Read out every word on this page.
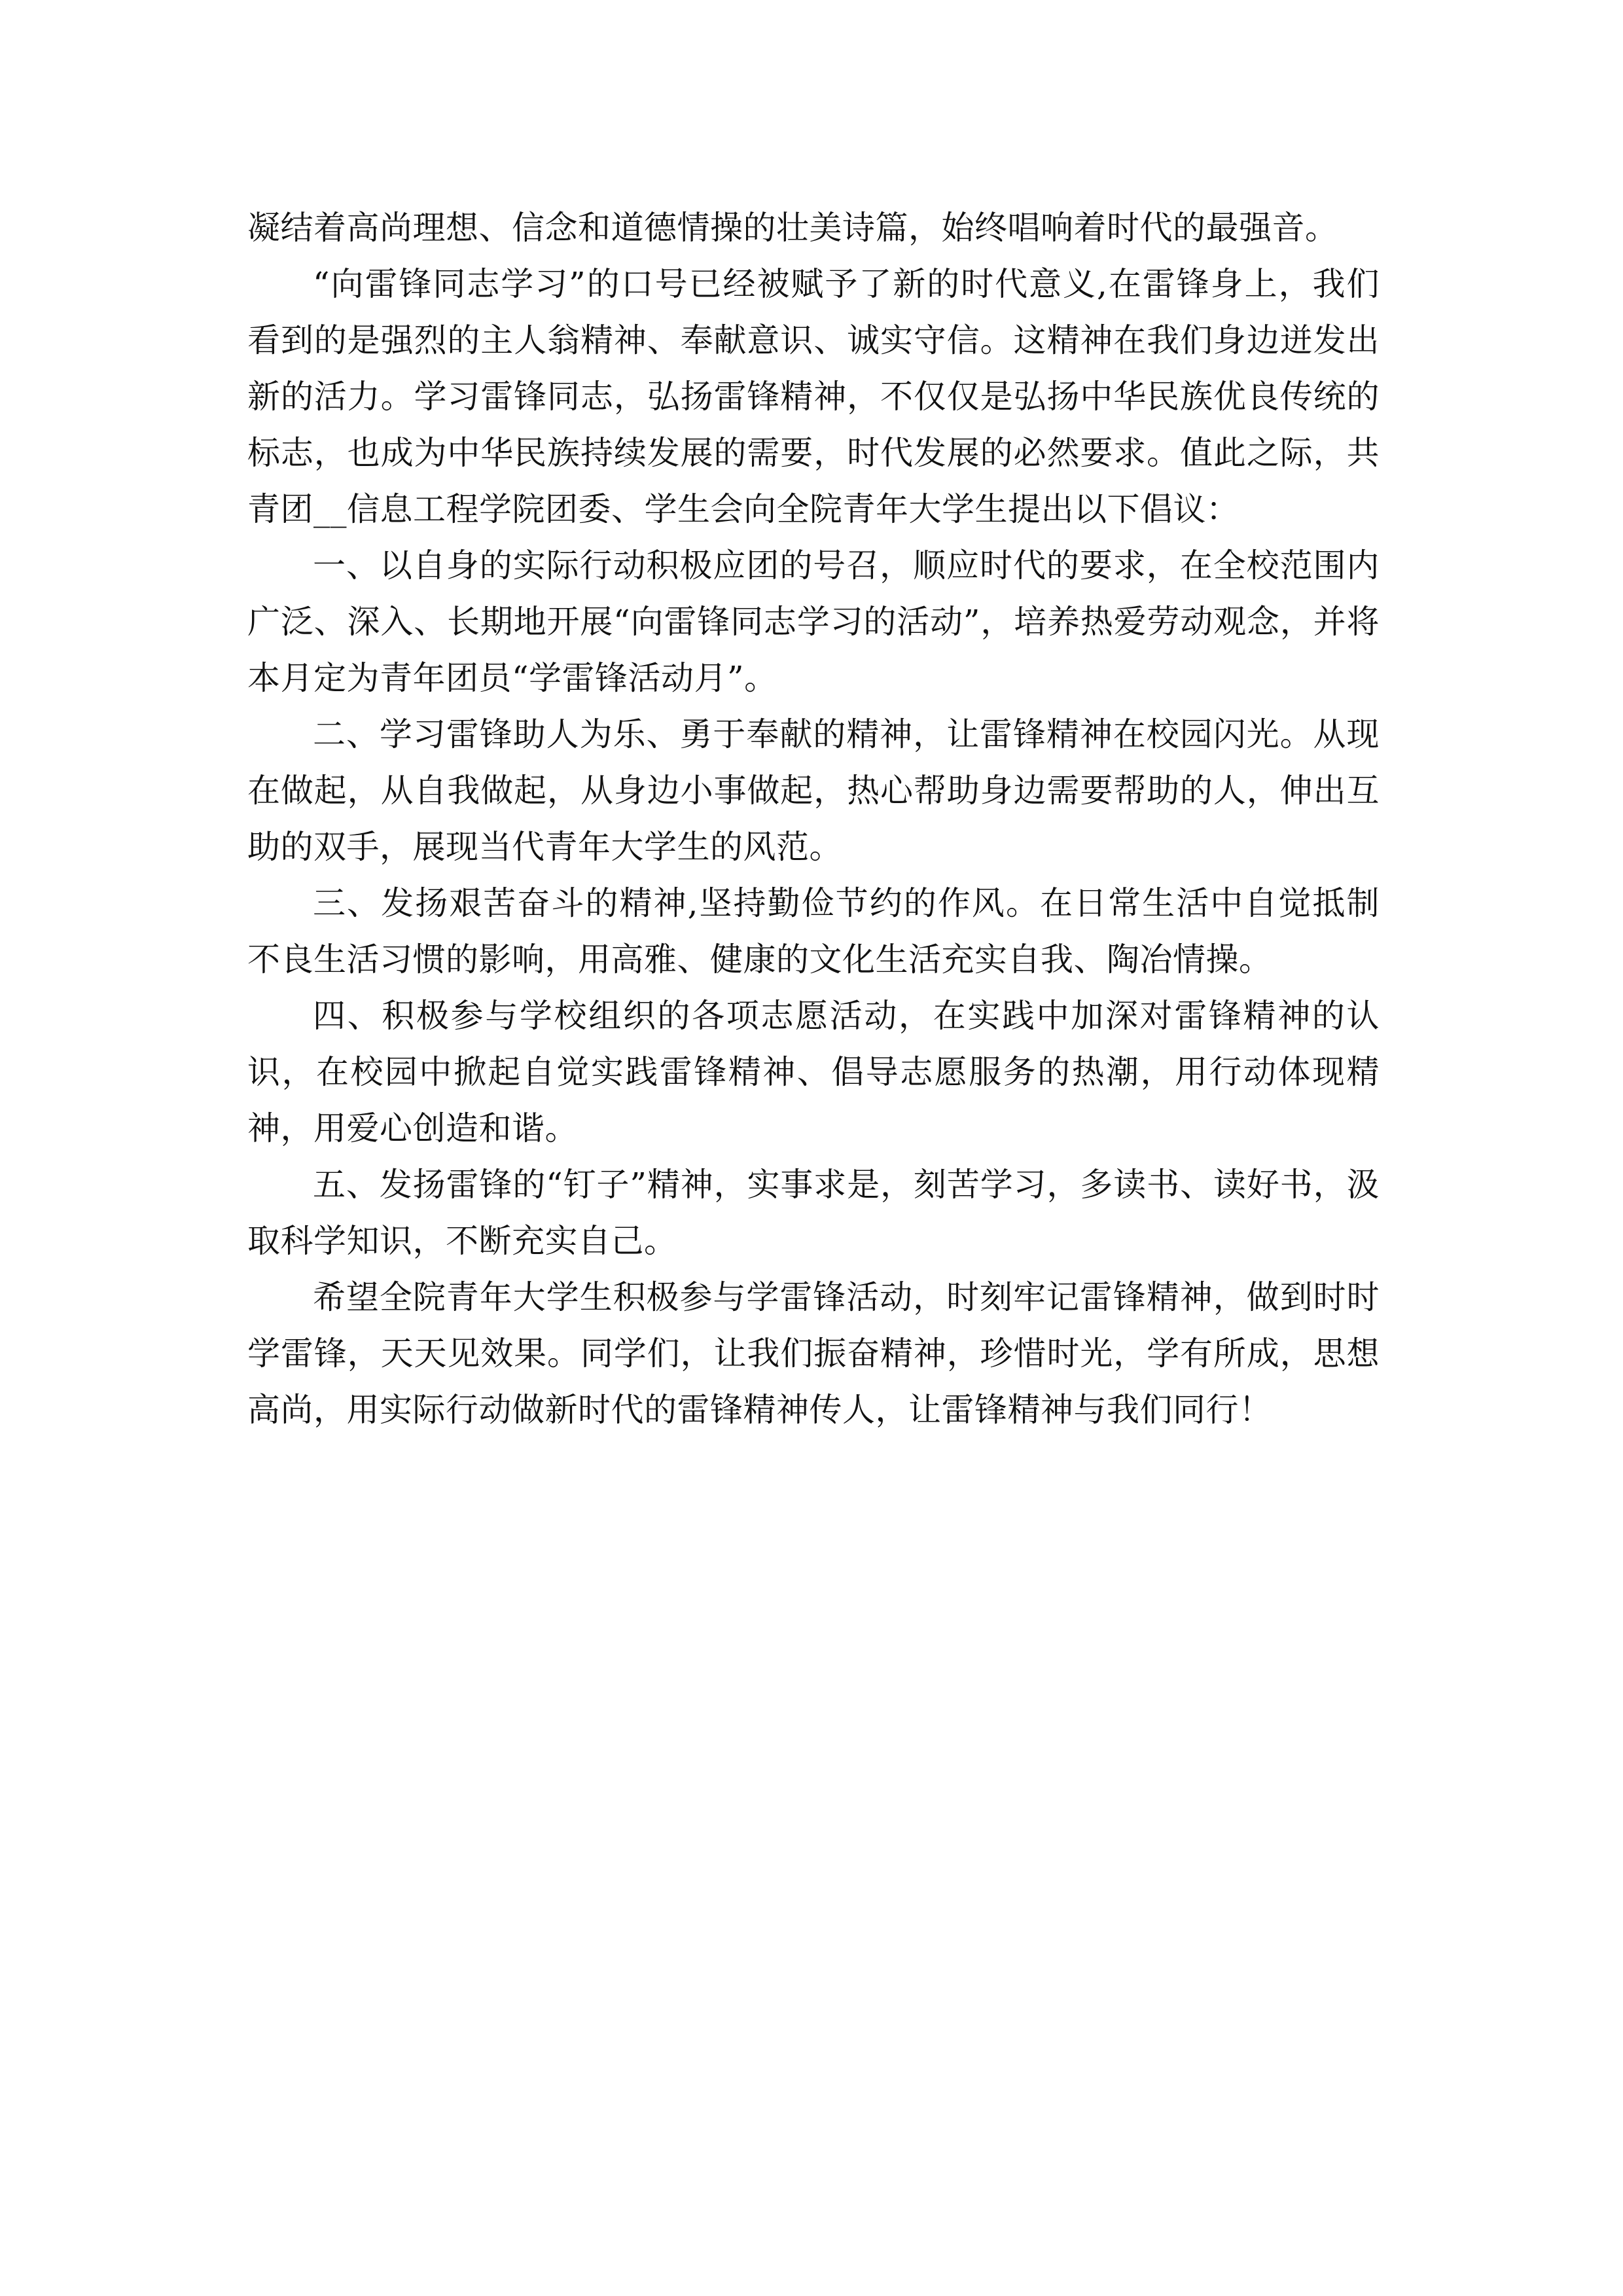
凝结着高尚理想、信念和道德情操的壮美诗篇，始终唱响着时代的最强音。

“向雷锋同志学习”的口号已经被赋予了新的时代意义,在雷锋身上，我们看到的是强烈的主人翁精神、奉献意识、诚实守信。这精神在我们身边迸发出新的活力。学习雷锋同志，弘扬雷锋精神，不仅仅是弘扬中华民族优良传统的标志，也成为中华民族持续发展的需要，时代发展的必然要求。值此之际，共青团__信息工程学院团委、学生会向全院青年大学生提出以下倡议：

一、以自身的实际行动积极应团的号召，顺应时代的要求，在全校范围内广泛、深入、长期地开展“向雷锋同志学习的活动”，培养热爱劳动观念，并将本月定为青年团员“学雷锋活动月”。

二、学习雷锋助人为乐、勇于奉献的精神，让雷锋精神在校园闪光。从现在做起，从自我做起，从身边小事做起，热心帮助身边需要帮助的人，伸出互助的双手，展现当代青年大学生的风范。

三、发扬艰苦奋斗的精神,坚持勤俭节约的作风。在日常生活中自觉抵制不良生活习惯的影响，用高雅、健康的文化生活充实自我、陶冶情操。

四、积极参与学校组织的各项志愿活动，在实践中加深对雷锋精神的认识，在校园中掀起自觉实践雷锋精神、倡导志愿服务的热潮，用行动体现精神，用爱心创造和谐。

五、发扬雷锋的“钉子”精神，实事求是，刻苦学习，多读书、读好书，汲取科学知识，不断充实自己。

希望全院青年大学生积极参与学雷锋活动，时刻牢记雷锋精神，做到时时学雷锋，天天见效果。同学们，让我们振奋精神，珍惜时光，学有所成，思想高尚，用实际行动做新时代的雷锋精神传人，让雷锋精神与我们同行！
